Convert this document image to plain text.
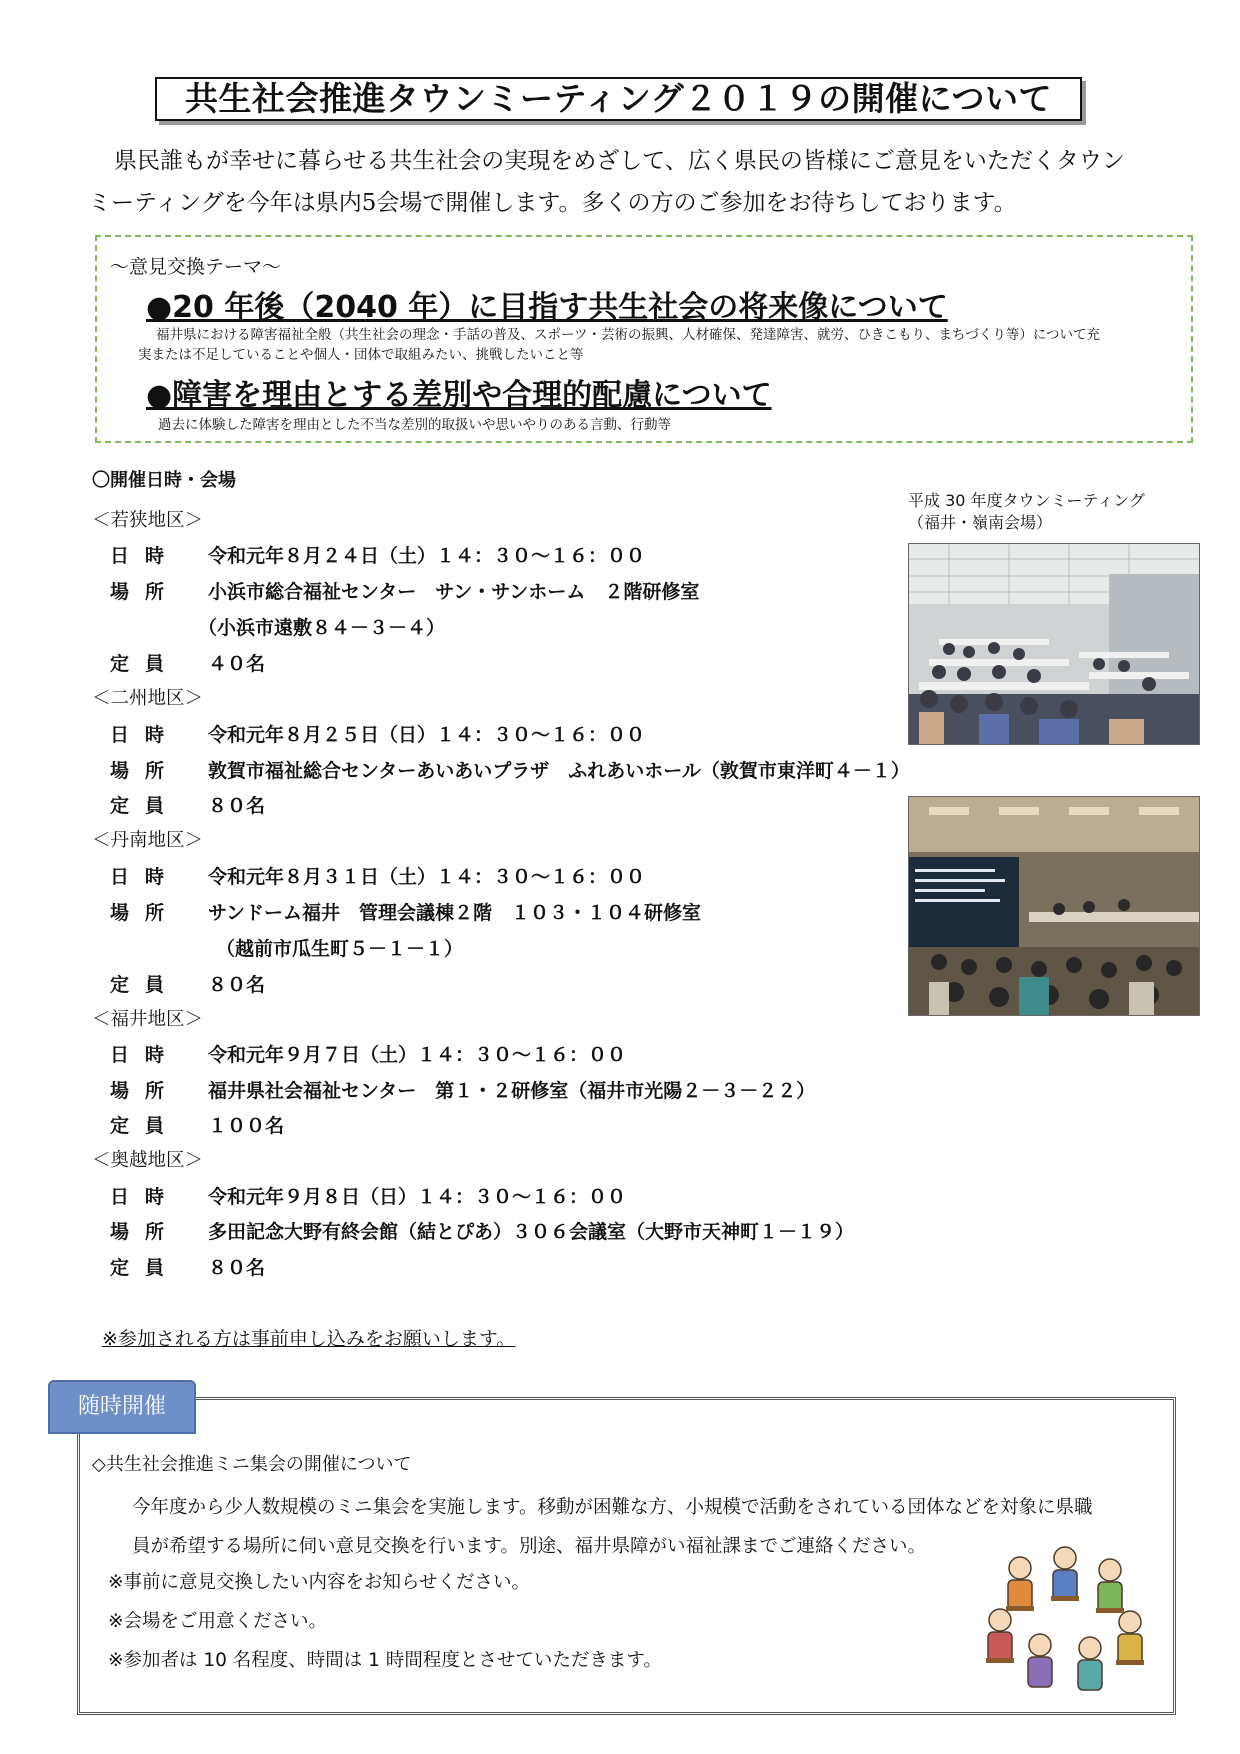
共生社会推進タウンミーティング２０１９の開催について

県民誰もが幸せに暮らせる共生社会の実現をめざして、広く県民の皆様にご意見をいただくタウン

ミーティングを今年は県内5会場で開催します。多くの方のご参加をお待ちしております。

～意見交換テーマ～
●20 年後（2040 年）に目指す共生社会の将来像について
福井県における障害福祉全般（共生社会の理念・手話の普及、スポーツ・芸術の振興、人材確保、発達障害、就労、ひきこもり、まちづくり等）について充
実または不足していることや個人・団体で取組みたい、挑戦したいこと等
●障害を理由とする差別や合理的配慮について
過去に体験した障害を理由とした不当な差別的取扱いや思いやりのある言動、行動等
〇開催日時・会場
＜若狭地区＞
日時 令和元年８月２４日（土）１４：３０～１６：００
場所 小浜市総合福祉センター　サン・サンホーム　２階研修室
（小浜市遠敷８４－３－４）
定員 ４０名
＜二州地区＞
日時 令和元年８月２５日（日）１４：３０～１６：００
場所 敦賀市福祉総合センターあいあいプラザ　ふれあいホール（敦賀市東洋町４－１）
定員 ８０名
＜丹南地区＞
日時 令和元年８月３１日（土）１４：３０～１６：００
場所 サンドーム福井　管理会議棟２階　１０３・１０４研修室
（越前市瓜生町５－１－１）
定員 ８０名
＜福井地区＞
日時 令和元年９月７日（土）１４：３０～１６：００
場所 福井県社会福祉センター　第１・２研修室（福井市光陽２－３－２２）
定員 １００名
＜奥越地区＞
日時 令和元年９月８日（日）１４：３０～１６：００
場所 多田記念大野有終会館（結とぴあ）３０６会議室（大野市天神町１－１９）
定員 ８０名
平成 30 年度タウンミーティング
（福井・嶺南会場）
※参加される方は事前申し込みをお願いします。
随時開催
◇共生社会推進ミニ集会の開催について

今年度から少人数規模のミニ集会を実施します。移動が困難な方、小規模で活動をされている団体などを対象に県職

員が希望する場所に伺い意見交換を行います。別途、福井県障がい福祉課までご連絡ください。

※事前に意見交換したい内容をお知らせください。
※会場をご用意ください。
※参加者は 10 名程度、時間は 1 時間程度とさせていただきます。
